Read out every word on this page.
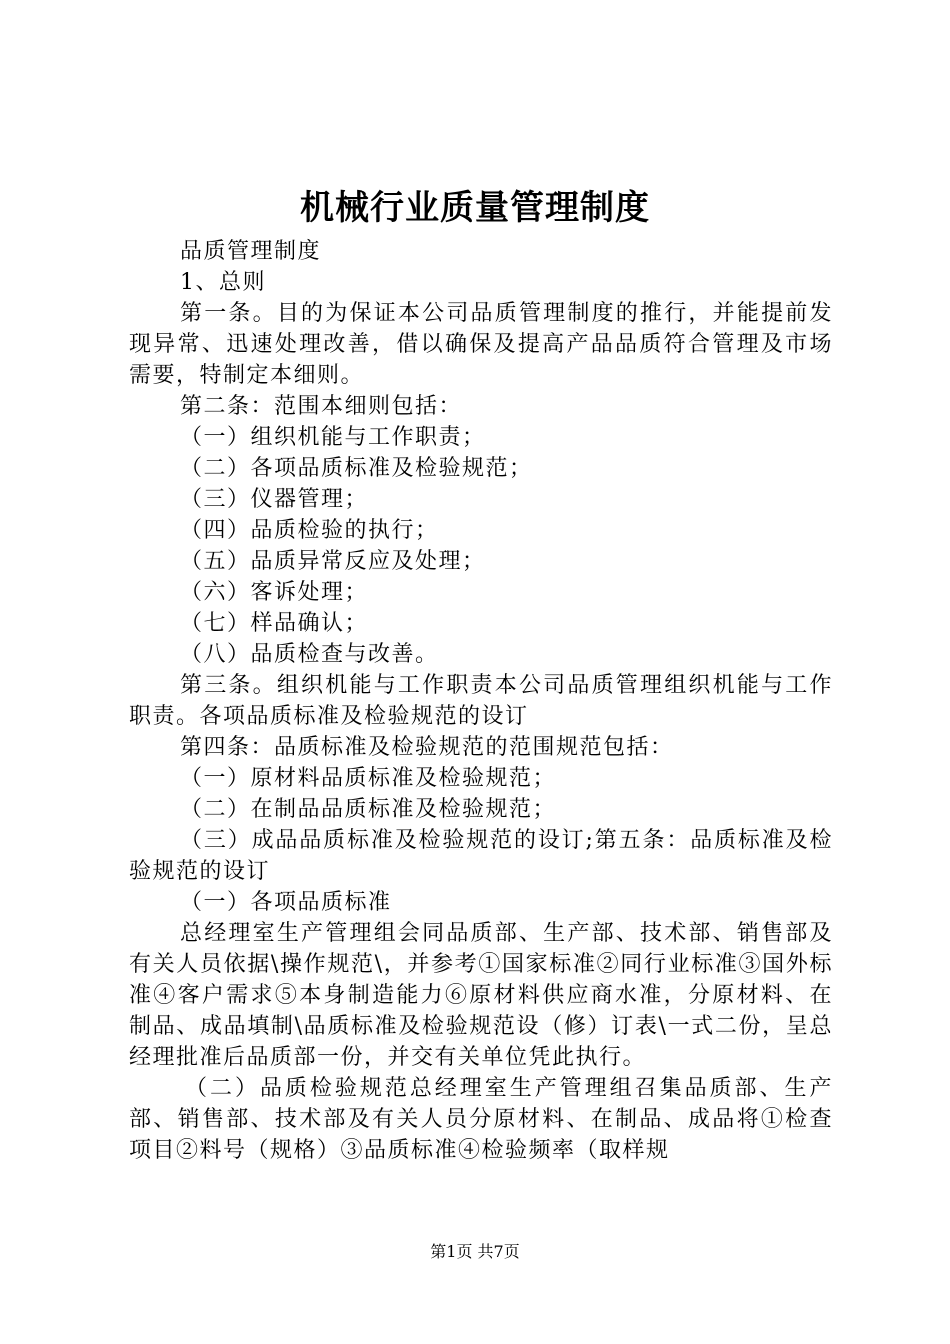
机械行业质量管理制度

品质管理制度

1、总则

第一条。目的为保证本公司品质管理制度的推行，并能提前发现异常、迅速处理改善，借以确保及提高产品品质符合管理及市场需要，特制定本细则。

第二条：范围本细则包括：

（一）组织机能与工作职责；

（二）各项品质标准及检验规范；

（三）仪器管理；

（四）品质检验的执行；

（五）品质异常反应及处理；

（六）客诉处理；

（七）样品确认；

（八）品质检查与改善。

第三条。组织机能与工作职责本公司品质管理组织机能与工作职责。各项品质标准及检验规范的设订

第四条：品质标准及检验规范的范围规范包括：

（一）原材料品质标准及检验规范；

（二）在制品品质标准及检验规范；

（三）成品品质标准及检验规范的设订;第五条：品质标准及检验规范的设订

（一）各项品质标准

总经理室生产管理组会同品质部、生产部、技术部、销售部及有关人员依据\操作规范\，并参考①国家标准②同行业标准③国外标准④客户需求⑤本身制造能力⑥原材料供应商水准，分原材料、在制品、成品填制\品质标准及检验规范设（修）订表\一式二份，呈总经理批准后品质部一份，并交有关单位凭此执行。

（二）品质检验规范总经理室生产管理组召集品质部、生产部、销售部、技术部及有关人员分原材料、在制品、成品将①检查项目②料号（规格）③品质标准④检验频率（取样规

第1页 共7页
